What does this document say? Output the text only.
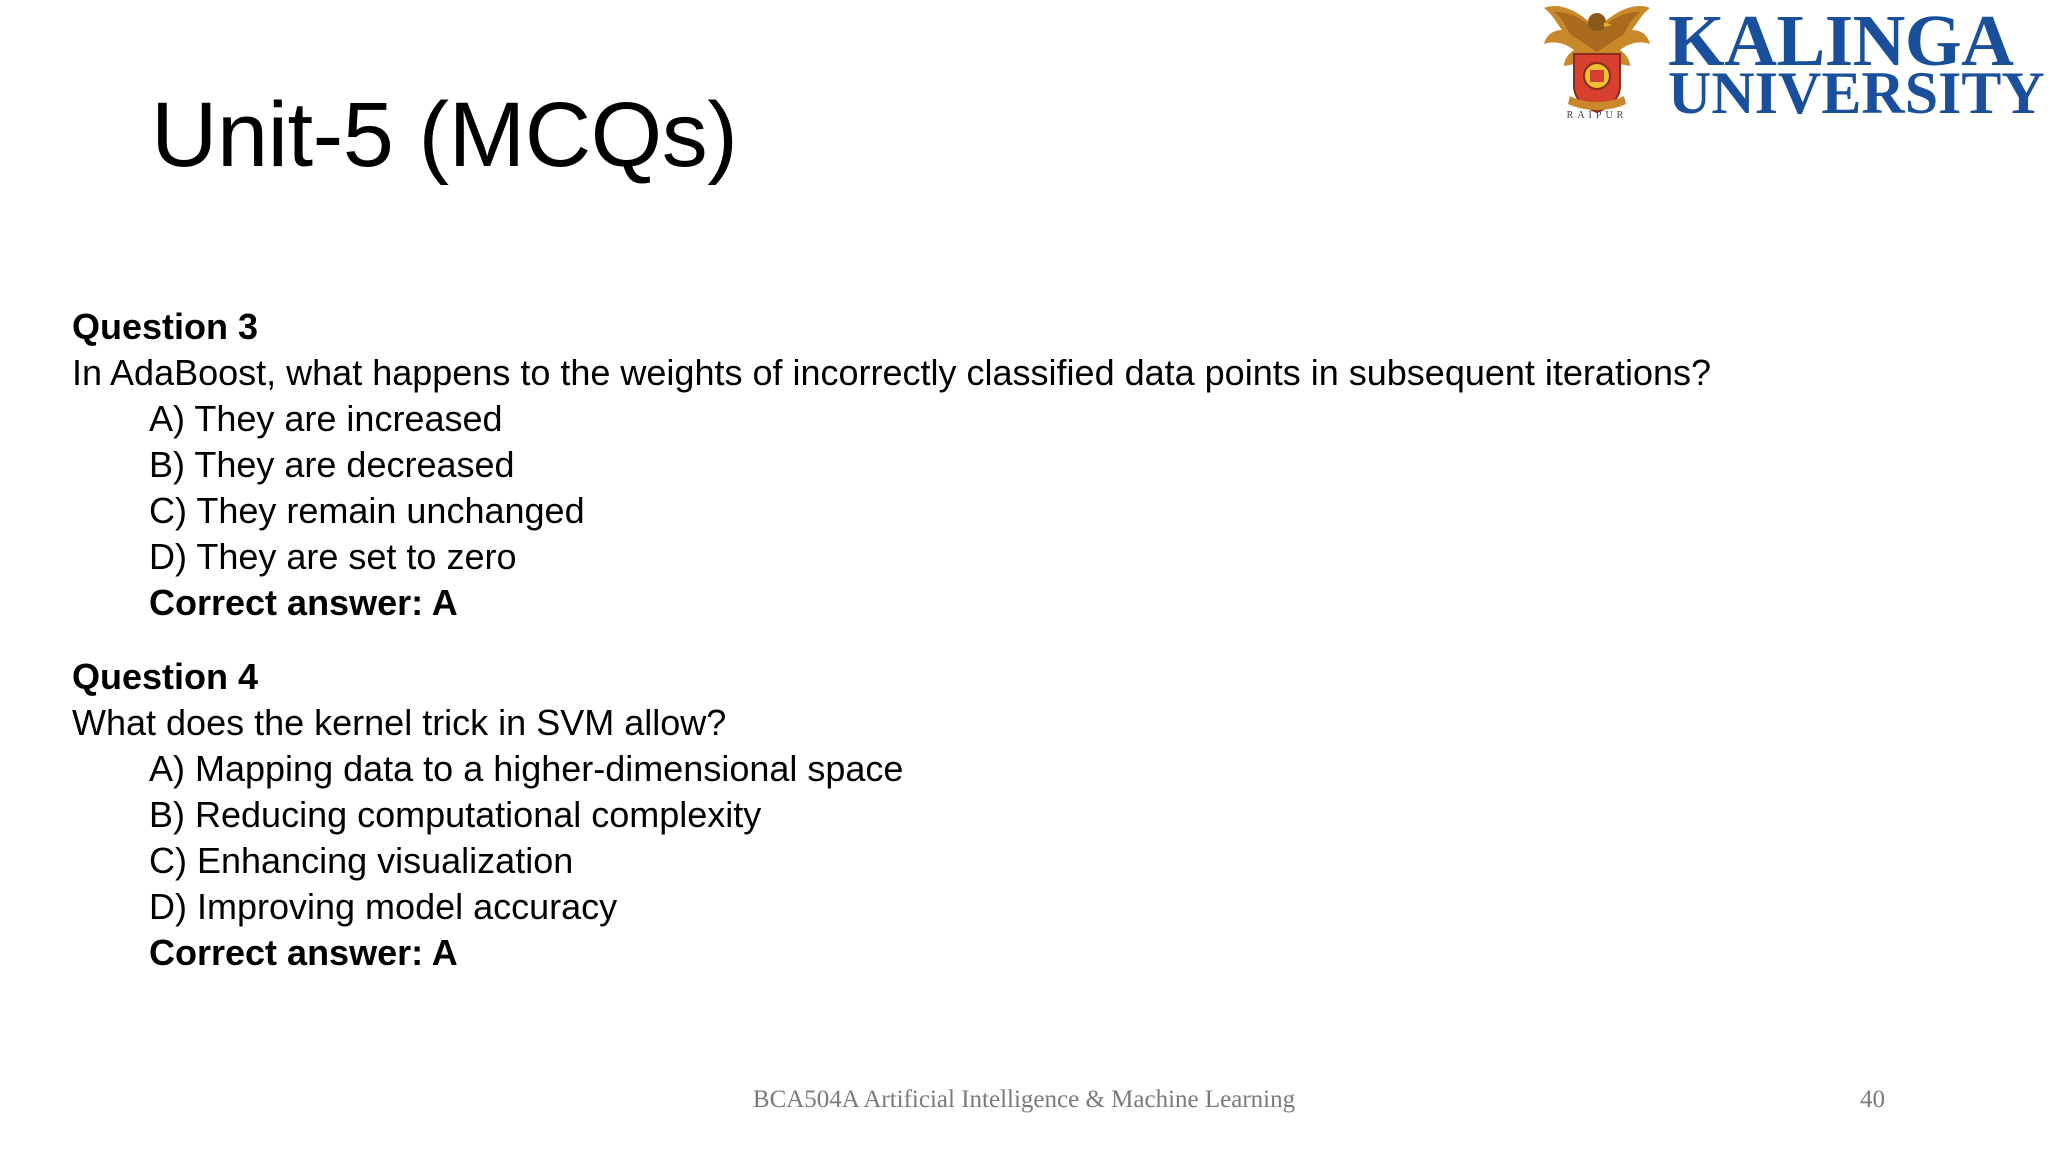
Unit-5 (MCQs)	RAIPUR
KALINGA
UNIVERSITY
Question 3
In AdaBoost, what happens to the weights of incorrectly classified data points in subsequent iterations?
A) They are increased
B) They are decreased
C) They remain unchanged
D) They are set to zero
Correct answer: A
Question 4
What does the kernel trick in SVM allow?
A) Mapping data to a higher-dimensional space
B) Reducing computational complexity
C) Enhancing visualization
D) Improving model accuracy
Correct answer: A
BCA504A Artificial Intelligence & Machine Learning	40
